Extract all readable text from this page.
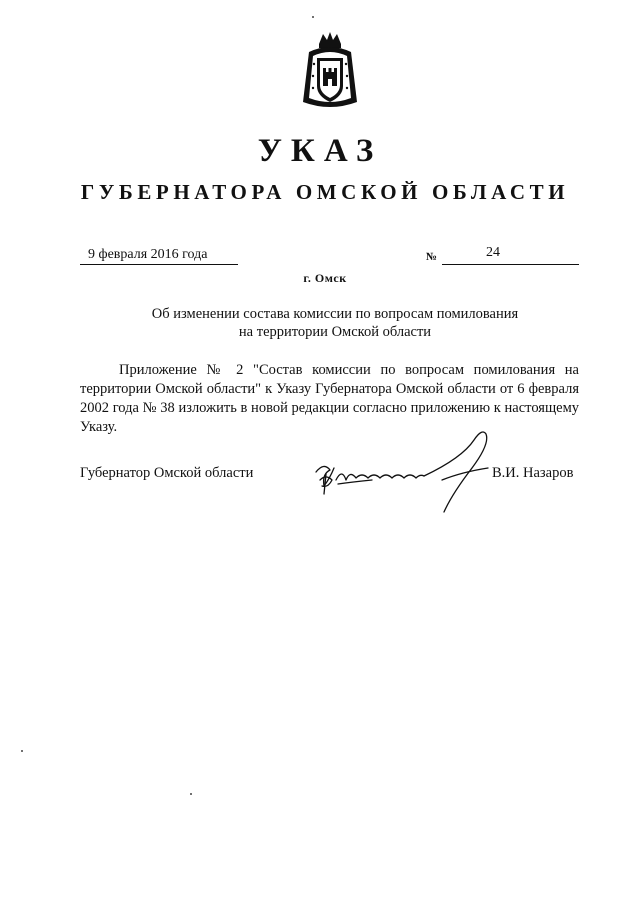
УКАЗ
ГУБЕРНАТОРА ОМСКОЙ ОБЛАСТИ
9 февраля 2016 года	№	24
г. Омск
Об изменении состава комиссии по вопросам помилования
на территории Омской области

Приложение № 2 "Состав комиссии по вопросам помилования на территории Омской области" к Указу Губернатора Омской области от 6 февраля 2002 года № 38 изложить в новой редакции согласно приложению к настоящему Указу.

Губернатор Омской области	В.И. Назаров
